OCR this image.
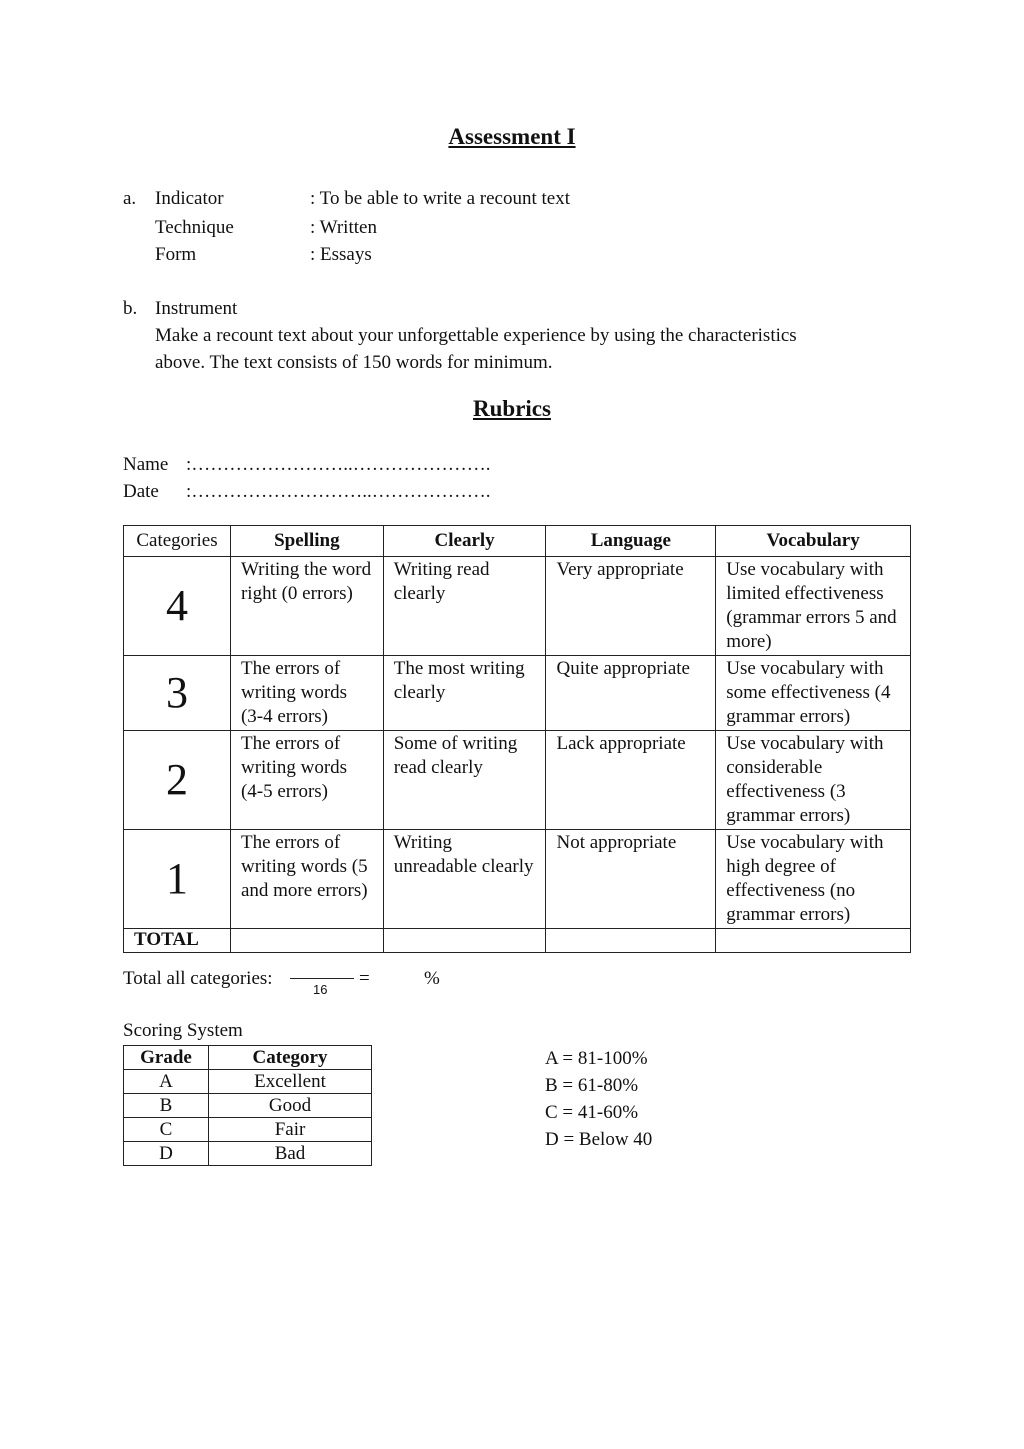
Assessment I
a. Indicator	: To be able to write a recount text
Technique	: Written
Form	: Essays
b. Instrument
Make a recount text about your unforgettable experience by using the characteristics
above. The text consists of 150 words for minimum.
Rubrics
Name :……………………..………………….
Date :………………………..……………….
Categories	Spelling	Clearly	Language	Vocabulary
4	Writing the word right (0 errors)	Writing read clearly	Very appropriate	Use vocabulary with limited effectiveness (grammar errors 5 and more)
3	The errors of writing words (3-4 errors)	The most writing clearly	Quite appropriate	Use vocabulary with some effectiveness (4 grammar errors)
2	The errors of writing words (4-5 errors)	Some of writing read clearly	Lack appropriate	Use vocabulary with considerable effectiveness (3 grammar errors)
1	The errors of writing words (5 and more errors)	Writing unreadable clearly	Not appropriate	Use vocabulary with high degree of effectiveness (no grammar errors)
TOTAL				
Total all categories:
16
=	%
Scoring System
Grade	Category
A	Excellent
B	Good
C	Fair
D	Bad
A = 81-100%
B = 61-80%
C = 41-60%
D = Below 40
